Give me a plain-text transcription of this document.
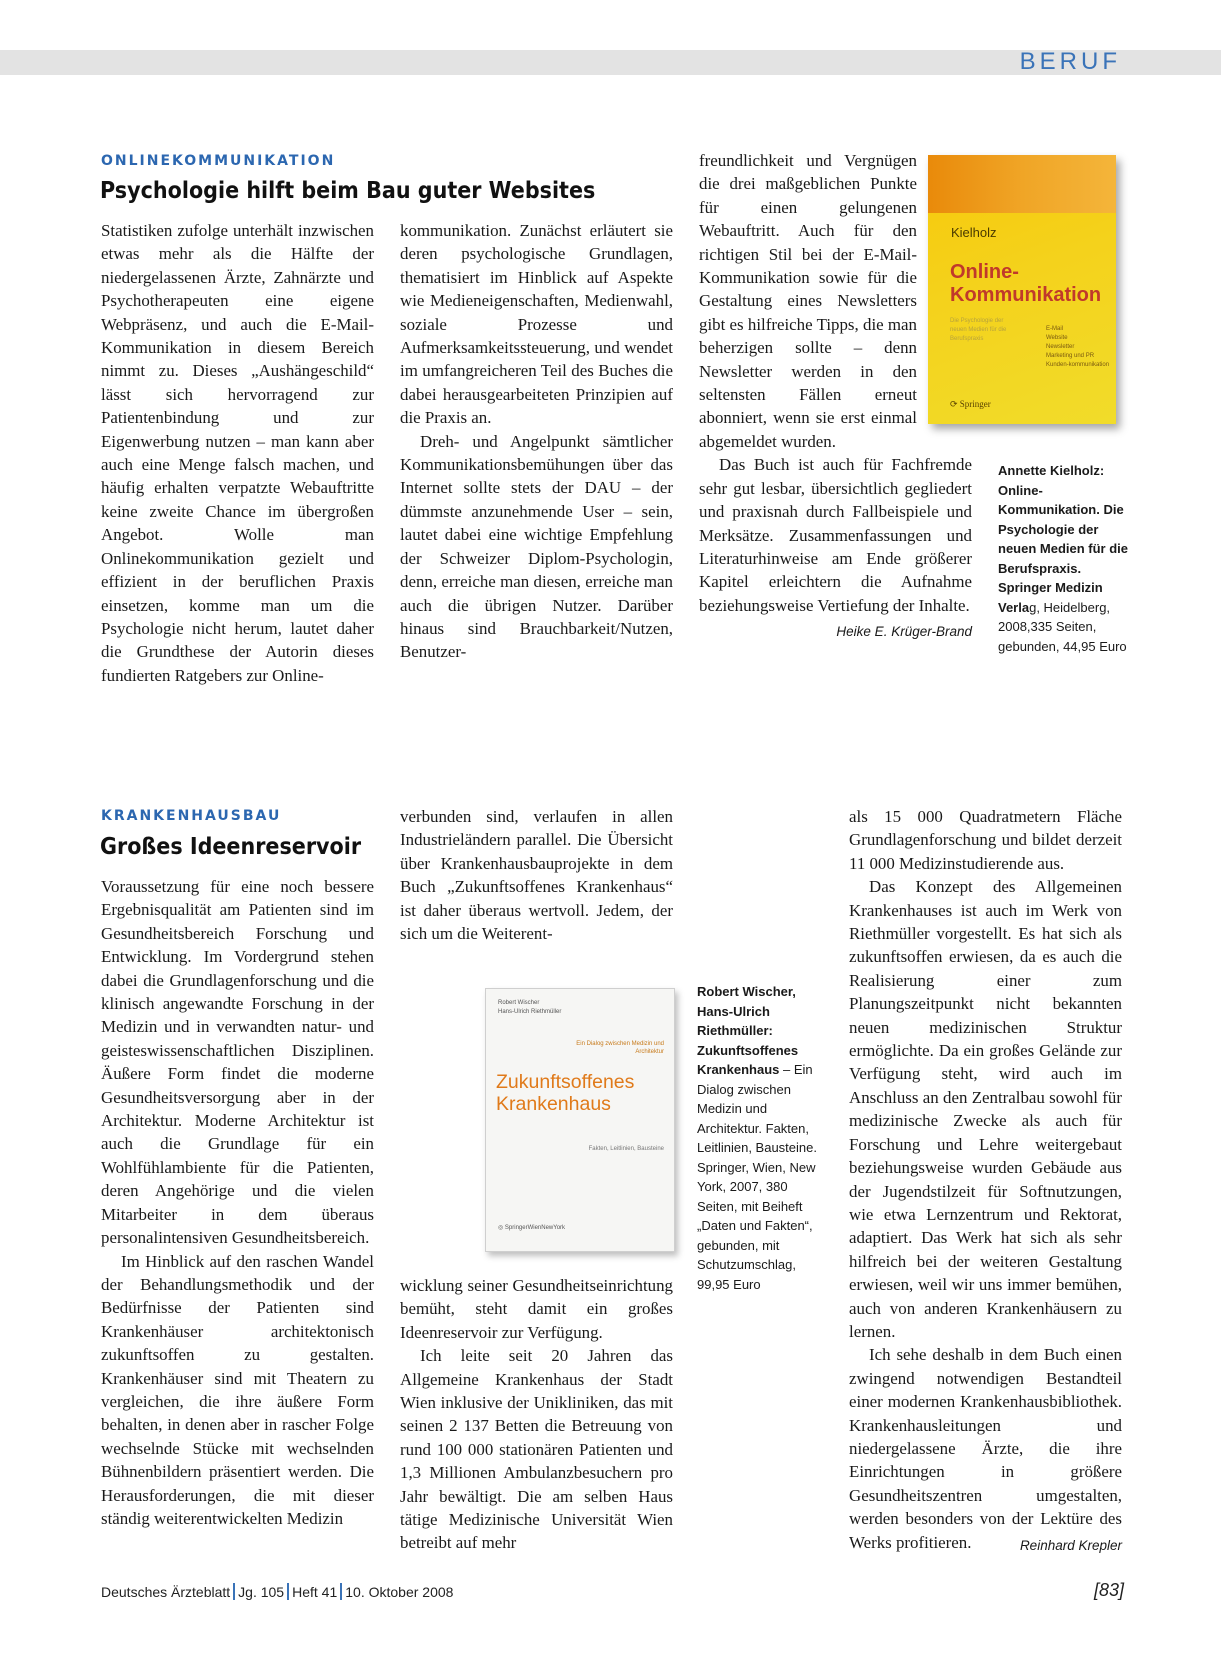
BERUF
ONLINEKOMMUNIKATION
Psychologie hilft beim Bau guter Websites

Statistiken zufolge unterhält inzwischen etwas mehr als die Hälfte der niedergelassenen Ärzte, Zahnärzte und Psychotherapeuten eine eigene Webpräsenz, und auch die E-Mail-Kommunikation in diesem Bereich nimmt zu. Dieses „Aushängeschild“ lässt sich hervorragend zur Patientenbindung und zur Eigenwerbung nutzen – man kann aber auch eine Menge falsch machen, und häufig erhalten verpatzte Webauftritte keine zweite Chance im übergroßen Angebot. Wolle man Onlinekommunikation gezielt und effizient in der beruflichen Praxis einsetzen, komme man um die Psychologie nicht herum, lautet daher die Grundthese der Autorin dieses fundierten Ratgebers zur Online-

kommunikation. Zunächst erläutert sie deren psychologische Grundlagen, thematisiert im Hinblick auf Aspekte wie Medieneigenschaften, Medienwahl, soziale Prozesse und Aufmerksamkeitssteuerung, und wendet im umfangreicheren Teil des Buches die dabei herausgearbeiteten Prinzipien auf die Praxis an.

Dreh- und Angelpunkt sämtlicher Kommunikationsbemühungen über das Internet sollte stets der DAU – der dümmste anzunehmende User – sein, lautet dabei eine wichtige Empfehlung der Schweizer Diplom-Psychologin, denn, erreiche man diesen, erreiche man auch die übrigen Nutzer. Darüber hinaus sind Brauchbarkeit/Nutzen, Benutzer-

freundlichkeit und Vergnügen die drei maßgeblichen Punkte für einen gelungenen Webauftritt. Auch für den richtigen Stil bei der E-Mail-Kommunikation sowie für die Gestaltung eines Newsletters gibt es hilfreiche Tipps, die man beherzigen sollte – denn Newsletter werden in den seltensten Fällen erneut abonniert, wenn sie erst einmal abgemeldet wurden.

Das Buch ist auch für Fachfremde sehr gut lesbar, übersichtlich gegliedert und praxisnah durch Fallbeispiele und Merksätze. Zusammenfassungen und Literaturhinweise am Ende größerer Kapitel erleichtern die Aufnahme beziehungsweise Vertiefung der Inhalte.
Heike E. Krüger-Brand

Kielholz
Online-
Kommunikation
Die Psychologie der neuen Medien für die Berufspraxis
E-Mail
Website
Newsletter
Marketing und PR
Kunden-kommunikation
⟳ Springer
Annette Kielholz: Online-Kommunikation. Die Psychologie der neuen Medien für die Berufspraxis. Springer Medizin Verlag, Heidelberg, 2008,335 Seiten, gebunden, 44,95 Euro
KRANKENHAUSBAU
Großes Ideenreservoir

Voraussetzung für eine noch bessere Ergebnisqualität am Patienten sind im Gesundheitsbereich Forschung und Entwicklung. Im Vordergrund stehen dabei die Grundlagenforschung und die klinisch angewandte Forschung in der Medizin und in verwandten natur- und geisteswissenschaftlichen Disziplinen. Äußere Form findet die moderne Gesundheitsversorgung aber in der Architektur. Moderne Architektur ist auch die Grundlage für ein Wohlfühlambiente für die Patienten, deren Angehörige und die vielen Mitarbeiter in dem überaus personalintensiven Gesundheitsbereich.

Im Hinblick auf den raschen Wandel der Behandlungsmethodik und der Bedürfnisse der Patienten sind Krankenhäuser architektonisch zukunftsoffen zu gestalten. Krankenhäuser sind mit Theatern zu vergleichen, die ihre äußere Form behalten, in denen aber in rascher Folge wechselnde Stücke mit wechselnden Bühnenbildern präsentiert werden. Die Herausforderungen, die mit dieser ständig weiterentwickelten Medizin

verbunden sind, verlaufen in allen Industrieländern parallel. Die Übersicht über Krankenhausbauprojekte in dem Buch „Zukunftsoffenes Krankenhaus“ ist daher überaus wertvoll. Jedem, der sich um die Weiterent-

Robert Wischer
Hans-Ulrich Riethmüller
Ein Dialog zwischen Medizin und Architektur
Zukunftsoffenes
Krankenhaus
Fakten, Leitlinien, Bausteine
◎ SpringerWienNewYork

wicklung seiner Gesundheitseinrichtung bemüht, steht damit ein großes Ideenreservoir zur Verfügung.

Ich leite seit 20 Jahren das Allgemeine Krankenhaus der Stadt Wien inklusive der Unikliniken, das mit seinen 2 137 Betten die Betreuung von rund 100 000 stationären Patienten und 1,3 Millionen Ambulanzbesuchern pro Jahr bewältigt. Die am selben Haus tätige Medizinische Universität Wien betreibt auf mehr

Robert Wischer, Hans-Ulrich Riethmüller: Zukunftsoffenes Krankenhaus – Ein Dialog zwischen Medizin und Architektur. Fakten, Leitlinien, Bausteine. Springer, Wien, New York, 2007, 380 Seiten, mit Beiheft „Daten und Fakten“, gebunden, mit Schutzumschlag, 99,95 Euro

als 15 000 Quadratmetern Fläche Grundlagenforschung und bildet derzeit 11 000 Medizinstudierende aus.

Das Konzept des Allgemeinen Krankenhauses ist auch im Werk von Riethmüller vorgestellt. Es hat sich als zukunftsoffen erwiesen, da es auch die Realisierung einer zum Planungszeitpunkt nicht bekannten neuen medizinischen Struktur ermöglichte. Da ein großes Gelände zur Verfügung steht, wird auch im Anschluss an den Zentralbau sowohl für medizinische Zwecke als auch für Forschung und Lehre weitergebaut beziehungsweise wurden Gebäude aus der Jugendstilzeit für Softnutzungen, wie etwa Lernzentrum und Rektorat, adaptiert. Das Werk hat sich als sehr hilfreich bei der weiteren Gestaltung erwiesen, weil wir uns immer bemühen, auch von anderen Krankenhäusern zu lernen.

Ich sehe deshalb in dem Buch einen zwingend notwendigen Bestandteil einer modernen Krankenhausbibliothek. Krankenhausleitungen und niedergelassene Ärzte, die ihre Einrichtungen in größere Gesundheitszentren umgestalten, werden besonders von der Lektüre des Werks profitieren.	Reinhard Krepler

Deutsches Ärzteblatt Jg. 105 Heft 41 10. Oktober 2008	[83]
